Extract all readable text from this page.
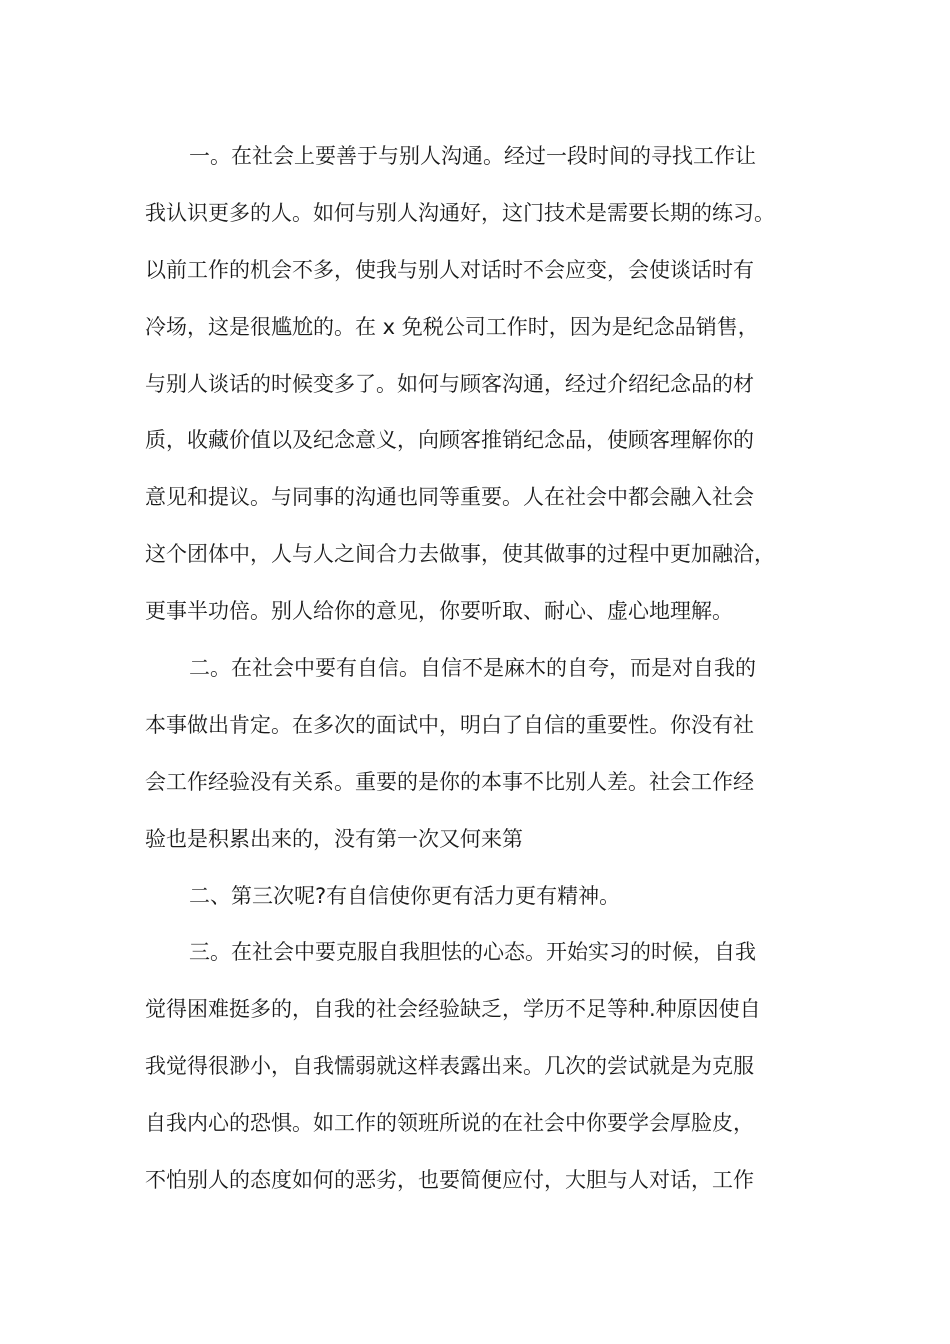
一。在社会上要善于与别人沟通。经过一段时间的寻找工作让
我认识更多的人。如何与别人沟通好，这门技术是需要长期的练习。
以前工作的机会不多，使我与别人对话时不会应变，会使谈话时有
冷场，这是很尴尬的。在 x 免税公司工作时，因为是纪念品销售，
与别人谈话的时候变多了。如何与顾客沟通，经过介绍纪念品的材
质，收藏价值以及纪念意义，向顾客推销纪念品，使顾客理解你的
意见和提议。与同事的沟通也同等重要。人在社会中都会融入社会
这个团体中，人与人之间合力去做事，使其做事的过程中更加融洽，
更事半功倍。别人给你的意见，你要听取、耐心、虚心地理解。
二。在社会中要有自信。自信不是麻木的自夸，而是对自我的
本事做出肯定。在多次的面试中，明白了自信的重要性。你没有社
会工作经验没有关系。重要的是你的本事不比别人差。社会工作经
验也是积累出来的，没有第一次又何来第
二、第三次呢?有自信使你更有活力更有精神。
三。在社会中要克服自我胆怯的心态。开始实习的时候，自我
觉得困难挺多的，自我的社会经验缺乏，学历不足等种.种原因使自
我觉得很渺小，自我懦弱就这样表露出来。几次的尝试就是为克服
自我内心的恐惧。如工作的领班所说的在社会中你要学会厚脸皮，
不怕别人的态度如何的恶劣，也要简便应付，大胆与人对话，工作
